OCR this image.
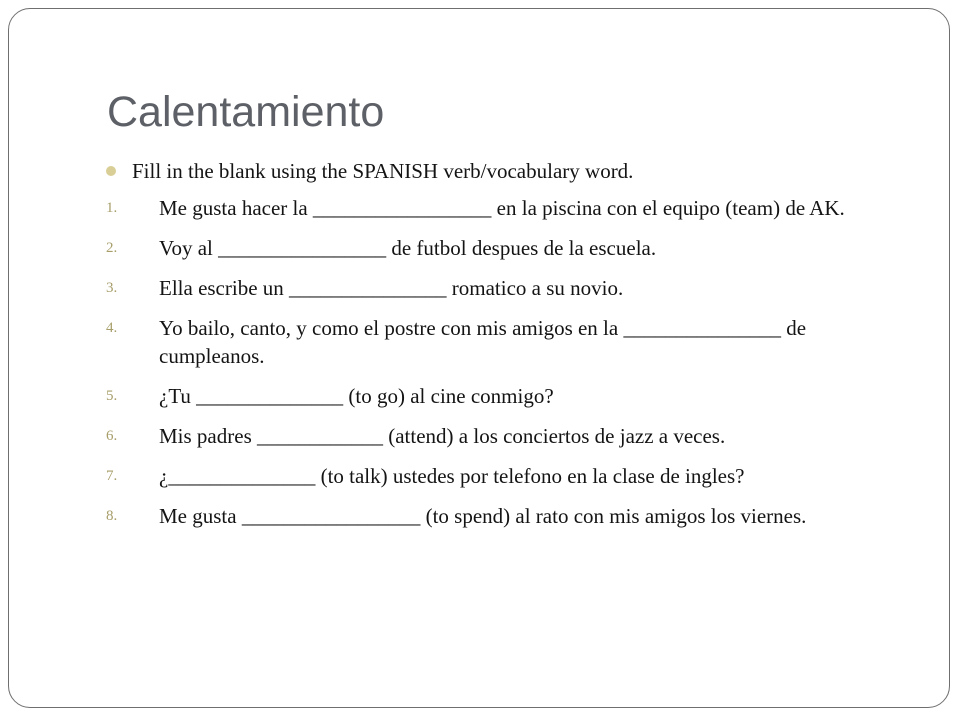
Calentamiento
Fill in the blank using the SPANISH verb/vocabulary word.
1. Me gusta hacer la _________________ en la piscina con el equipo (team) de AK.
2. Voy al ________________ de futbol despues de la escuela.
3. Ella escribe un _______________ romatico a su novio.
4. Yo bailo, canto, y como el postre con mis amigos en la _______________ de cumpleanos.
5. ¿Tu ______________ (to go) al cine conmigo?
6. Mis padres ____________ (attend) a los conciertos de jazz a veces.
7. ¿______________ (to talk) ustedes por telefono en la clase de ingles?
8. Me gusta _________________ (to spend) al rato con mis amigos los viernes.
